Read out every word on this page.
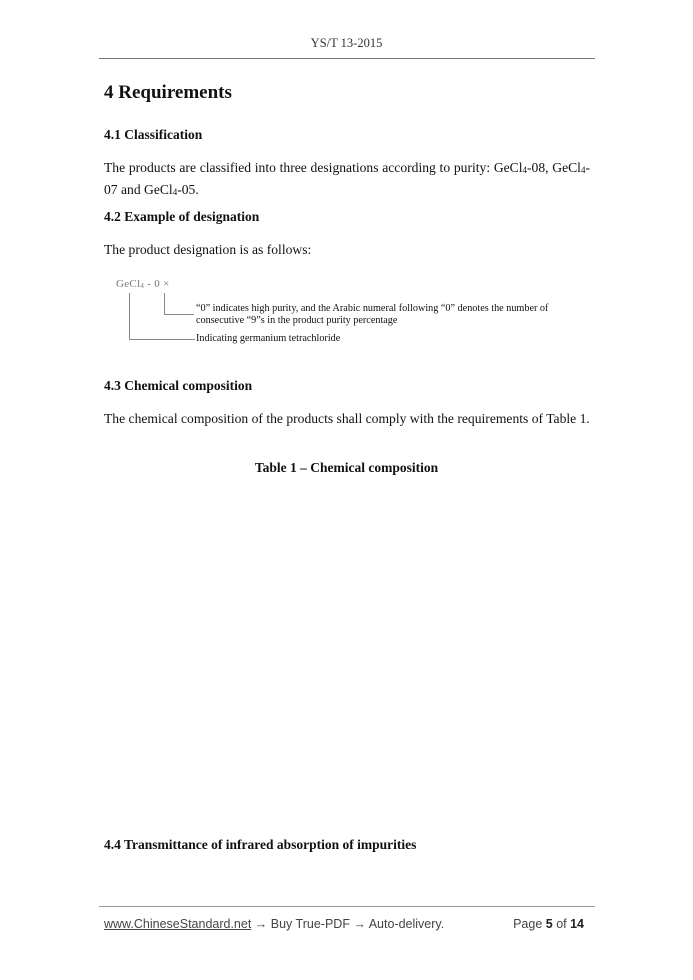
YS/T 13-2015
4 Requirements
4.1 Classification

The products are classified into three designations according to purity: GeCl$_4$-08, GeCl$_4$-07 and GeCl$_4$-05.

4.2 Example of designation

The product designation is as follows:

GeCl$_4$ - 0 ×
“0” indicates high purity, and the Arabic numeral following “0” denotes the number of
consecutive “9”s in the product purity percentage
Indicating germanium tetrachloride
4.3 Chemical composition

The chemical composition of the products shall comply with the requirements of Table 1.

Table 1 – Chemical composition
4.4 Transmittance of infrared absorption of impurities
www.ChineseStandard.net → Buy True-PDF → Auto-delivery.	Page 5 of 14
